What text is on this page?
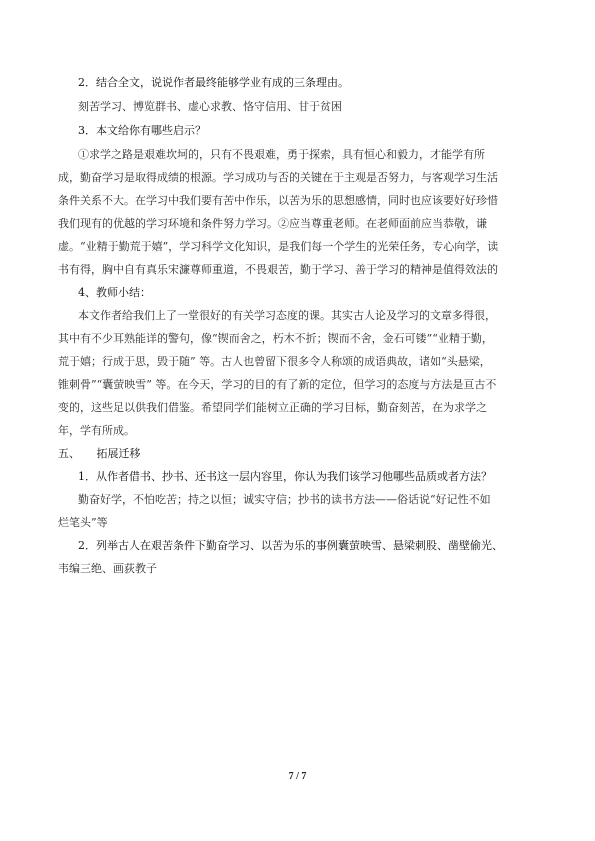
2．结合全文，说说作者最终能够学业有成的三条理由。
刻苦学习、博览群书、虚心求教、恪守信用、甘于贫困
3．本文给你有哪些启示？
①求学之路是艰难坎坷的，只有不畏艰难，勇于探索，具有恒心和毅力，才能学有所
成，勤奋学习是取得成绩的根源。学习成功与否的关键在于主观是否努力，与客观学习生活
条件关系不大。在学习中我们要有苦中作乐，以苦为乐的思想感情，同时也应该要好好珍惜
我们现有的优越的学习环境和条件努力学习。②应当尊重老师。在老师面前应当恭敬，谦
虚。“业精于勤荒于嬉”，学习科学文化知识，是我们每一个学生的光荣任务，专心向学，读
书有得，胸中自有真乐宋濂尊师重道，不畏艰苦，勤于学习、善于学习的精神是值得效法的
4、教师小结：
本文作者给我们上了一堂很好的有关学习态度的课。其实古人论及学习的文章多得很，
其中有不少耳熟能详的警句，像“锲而舍之，朽木不折；锲而不舍，金石可镂”“业精于勤，
荒于嬉；行成于思，毁于随” 等。古人也曾留下很多令人称颂的成语典故，诸如“头悬梁，
锥刺骨”“囊萤映雪” 等。在今天，学习的目的有了新的定位，但学习的态度与方法是亘古不
变的，这些足以供我们借鉴。希望同学们能树立正确的学习目标，勤奋刻苦，在为求学之
年，学有所成。
五、　　拓展迁移
1．从作者借书、抄书、还书这一层内容里，你认为我们该学习他哪些品质或者方法？
勤奋好学，不怕吃苦；持之以恒；诚实守信；抄书的读书方法——俗话说“好记性不如
烂笔头”等
2．列举古人在艰苦条件下勤奋学习、以苦为乐的事例囊萤映雪、悬梁刺股、凿壁偷光、
韦编三绝、画荻教子
7 / 7
